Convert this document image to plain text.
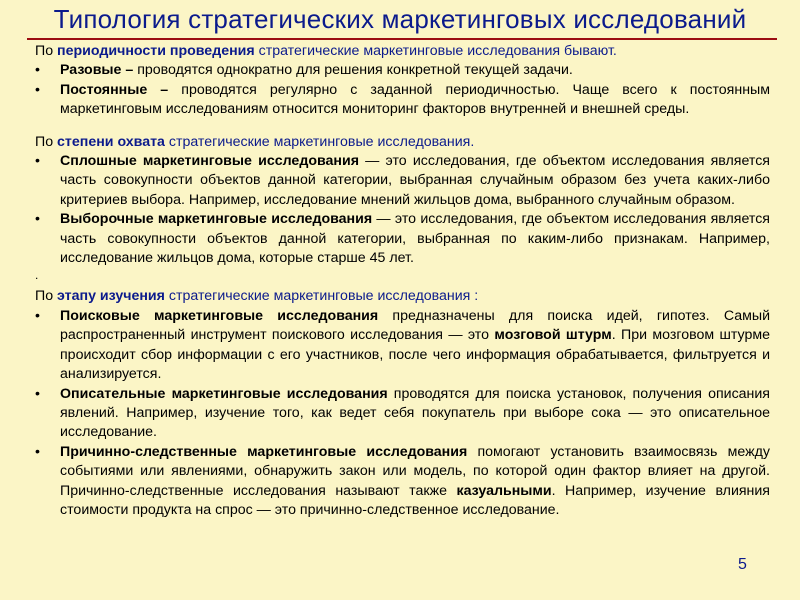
Типология стратегических маркетинговых исследований

По периодичности проведения стратегические маркетинговые исследования бывают.

• Разовые – проводятся однократно для решения конкретной текущей задачи.
• Постоянные – проводятся регулярно с заданной периодичностью. Чаще всего к постоянным маркетинговым исследованиям относится мониторинг факторов внутренней и внешней среды.

По степени охвата стратегические маркетинговые исследования.

• Сплошные маркетинговые исследования — это исследования, где объектом исследования является часть совокупности объектов данной категории, выбранная случайным образом без учета каких-либо критериев выбора. Например, исследование мнений жильцов дома, выбранного случайным образом.
• Выборочные маркетинговые исследования — это исследования, где объектом исследования является часть совокупности объектов данной категории, выбранная по каким-либо признакам. Например, исследование жильцов дома, которые старше 45 лет.
.

По этапу изучения стратегические маркетинговые исследования :

• Поисковые маркетинговые исследования предназначены для поиска идей, гипотез. Самый распространенный инструмент поискового исследования — это мозговой штурм. При мозговом штурме происходит сбор информации с его участников, после чего информация обрабатывается, фильтруется и анализируется.
• Описательные маркетинговые исследования проводятся для поиска установок, получения описания явлений. Например, изучение того, как ведет себя покупатель при выборе сока — это описательное исследование.
• Причинно-следственные маркетинговые исследования помогают установить взаимосвязь между событиями или явлениями, обнаружить закон или модель, по которой один фактор влияет на другой. Причинно-следственные исследования называют также казуальными. Например, изучение влияния стоимости продукта на спрос — это причинно-следственное исследование.
5
